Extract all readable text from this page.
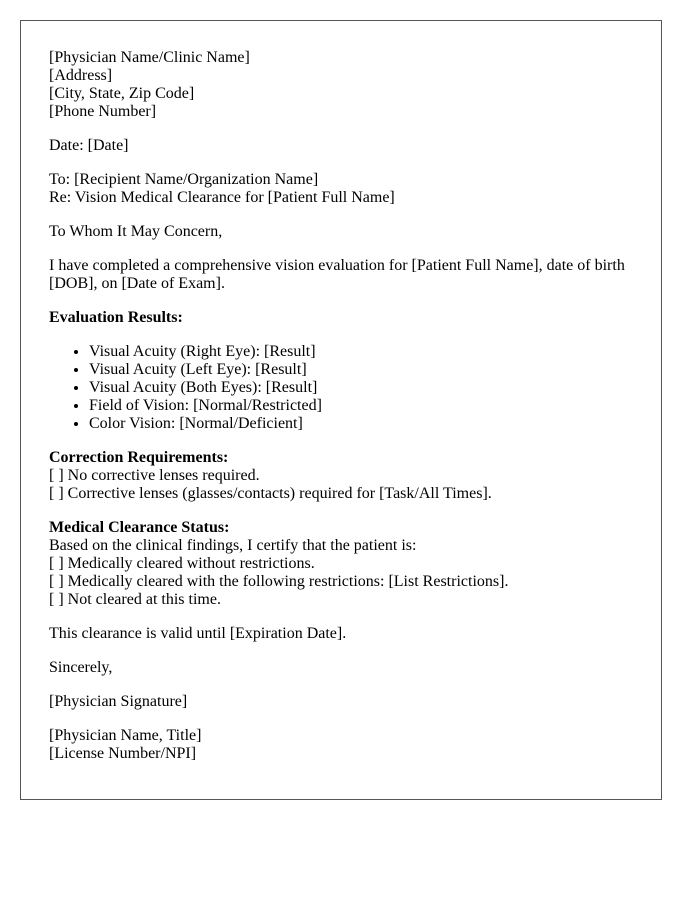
[Physician Name/Clinic Name]
[Address]
[City, State, Zip Code]
[Phone Number]

Date: [Date]

To: [Recipient Name/Organization Name]
Re: Vision Medical Clearance for [Patient Full Name]

To Whom It May Concern,

I have completed a comprehensive vision evaluation for [Patient Full Name], date of birth [DOB], on [Date of Exam].

Evaluation Results:

• Visual Acuity (Right Eye): [Result]
• Visual Acuity (Left Eye): [Result]
• Visual Acuity (Both Eyes): [Result]
• Field of Vision: [Normal/Restricted]
• Color Vision: [Normal/Deficient]

Correction Requirements:
[ ] No corrective lenses required.
[ ] Corrective lenses (glasses/contacts) required for [Task/All Times].

Medical Clearance Status:
Based on the clinical findings, I certify that the patient is:
[ ] Medically cleared without restrictions.
[ ] Medically cleared with the following restrictions: [List Restrictions].
[ ] Not cleared at this time.

This clearance is valid until [Expiration Date].

Sincerely,

[Physician Signature]

[Physician Name, Title]
[License Number/NPI]
